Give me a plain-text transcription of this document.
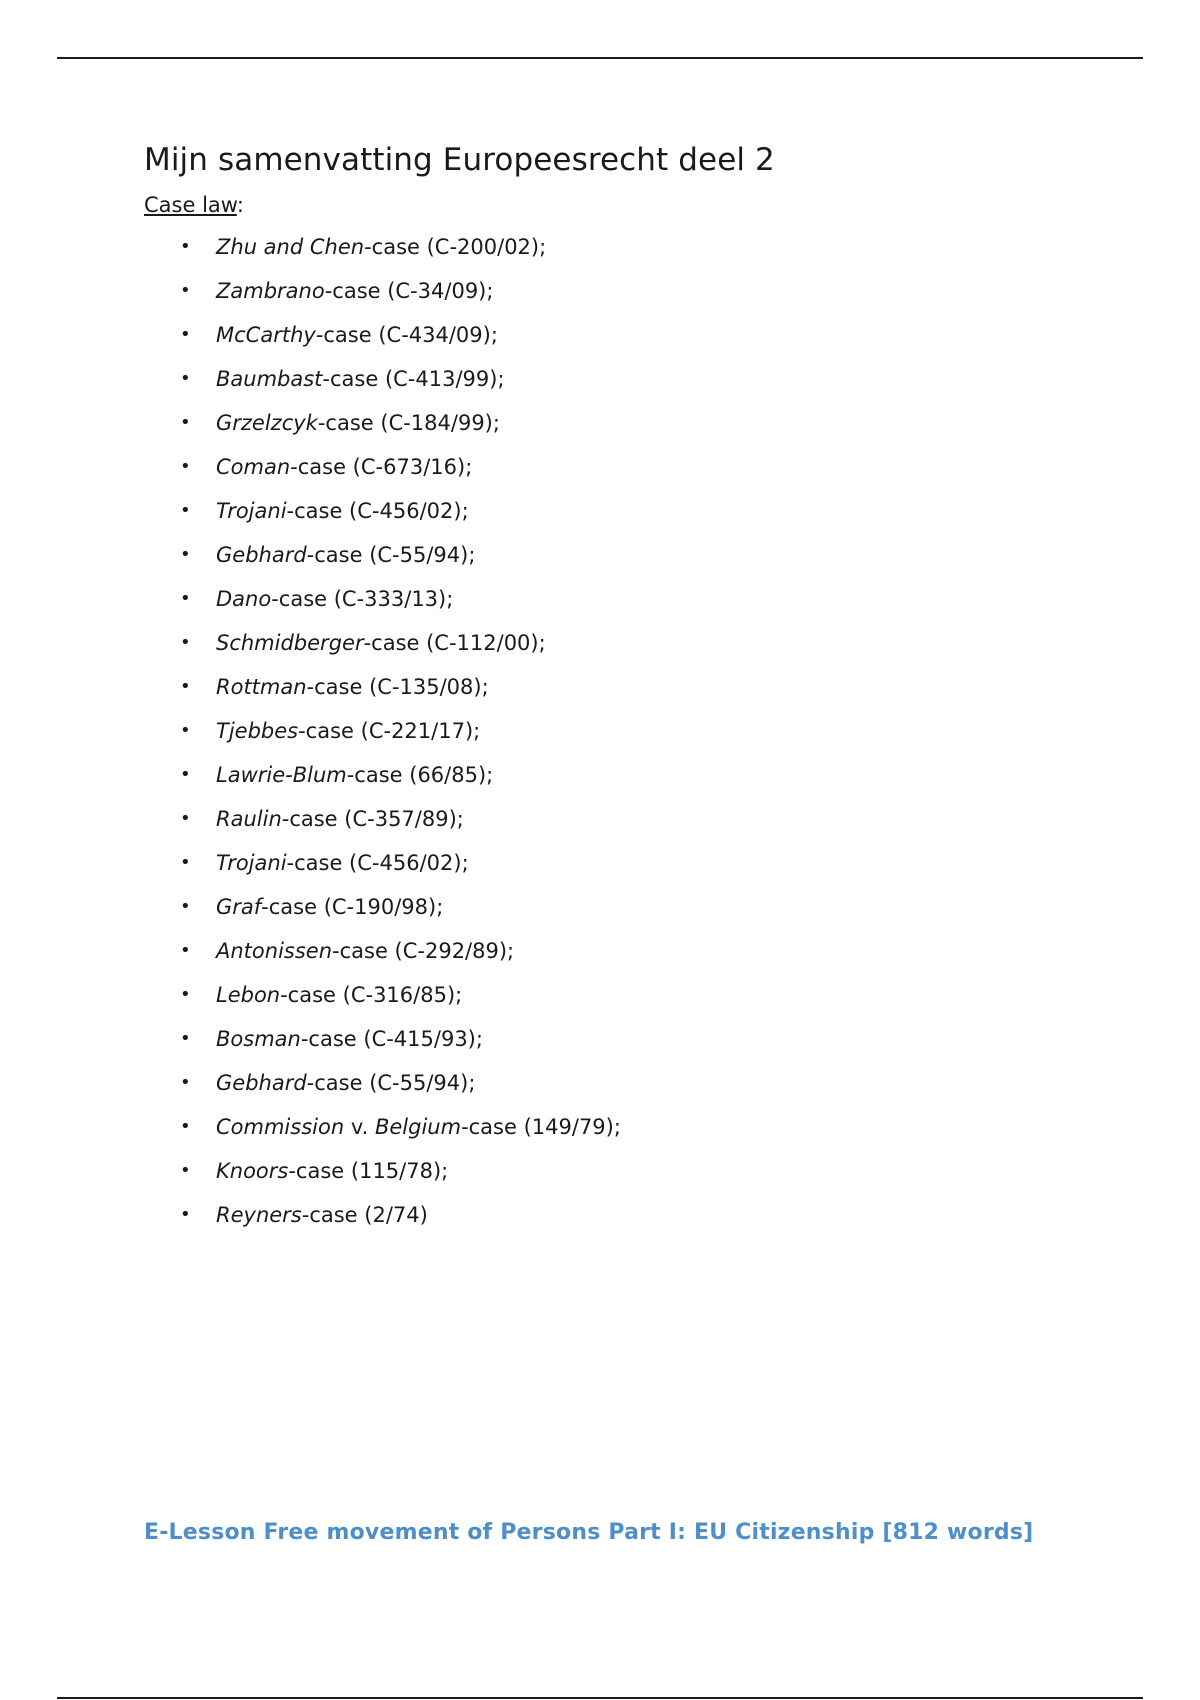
Mijn samenvatting Europeesrecht deel 2
Case law:
• Zhu and Chen-case (C-200/02);
• Zambrano-case (C-34/09);
• McCarthy-case (C-434/09);
• Baumbast-case (C-413/99);
• Grzelzcyk-case (C-184/99);
• Coman-case (C-673/16);
• Trojani-case (C-456/02);
• Gebhard-case (C-55/94);
• Dano-case (C-333/13);
• Schmidberger-case (C-112/00);
• Rottman-case (C-135/08);
• Tjebbes-case (C-221/17);
• Lawrie-Blum-case (66/85);
• Raulin-case (C-357/89);
• Trojani-case (C-456/02);
• Graf-case (C-190/98);
• Antonissen-case (C-292/89);
• Lebon-case (C-316/85);
• Bosman-case (C-415/93);
• Gebhard-case (C-55/94);
• Commission v. Belgium-case (149/79);
• Knoors-case (115/78);
• Reyners-case (2/74)
E-Lesson Free movement of Persons Part I: EU Citizenship [812 words]
